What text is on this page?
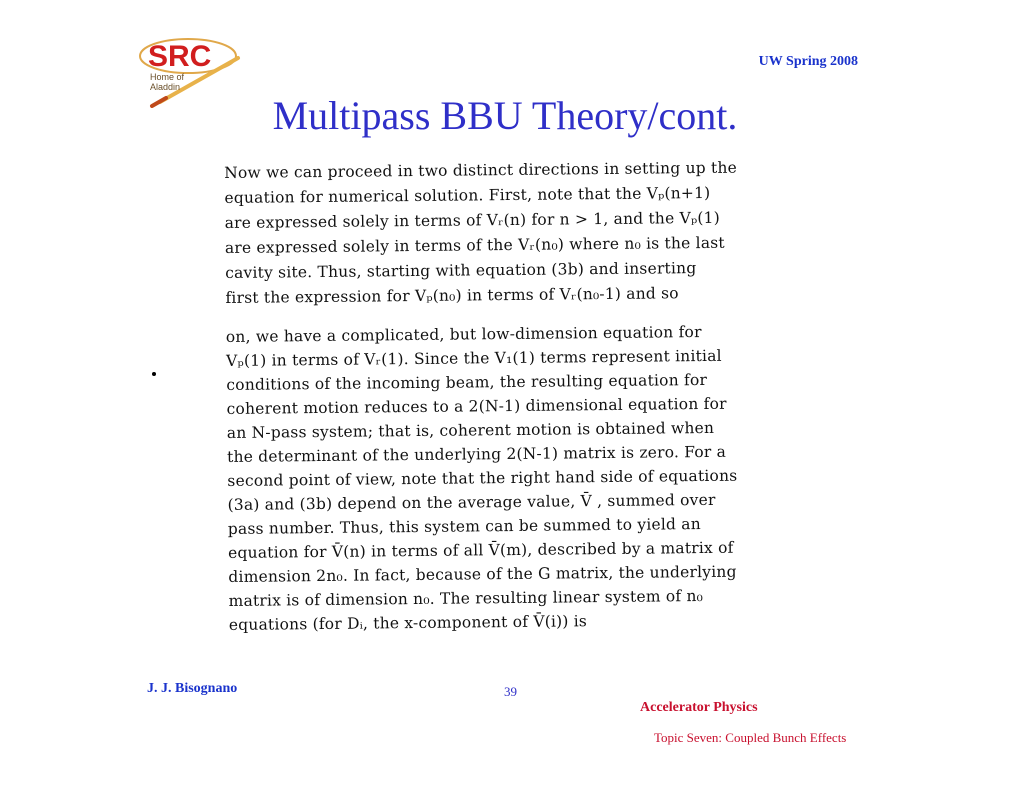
SRC
Home of
Aladdin
UW Spring 2008
Multipass BBU Theory/cont.
Now we can proceed in two distinct directions in setting up the
equation for numerical solution. First, note that the Vₚ(n+1)
are expressed solely in terms of Vᵣ(n) for n > 1, and the Vₚ(1)
are expressed solely in terms of the Vᵣ(n₀) where n₀ is the last
cavity site. Thus, starting with equation (3b) and inserting
first the expression for Vₚ(n₀) in terms of Vᵣ(n₀-1) and so
on, we have a complicated, but low-dimension equation for
Vₚ(1) in terms of Vᵣ(1). Since the V₁(1) terms represent initial
conditions of the incoming beam, the resulting equation for
coherent motion reduces to a 2(N-1) dimensional equation for
an N-pass system; that is, coherent motion is obtained when
the determinant of the underlying 2(N-1) matrix is zero. For a
second point of view, note that the right hand side of equations
(3a) and (3b) depend on the average value, V̄ , summed over
pass number. Thus, this system can be summed to yield an
equation for V̄(n) in terms of all V̄(m), described by a matrix of
dimension 2n₀. In fact, because of the G matrix, the underlying
matrix is of dimension n₀. The resulting linear system of n₀
equations (for Dᵢ, the x-component of V̄(i)) is
J. J. Bisognano	39
Accelerator Physics
Topic Seven: Coupled Bunch Effects
